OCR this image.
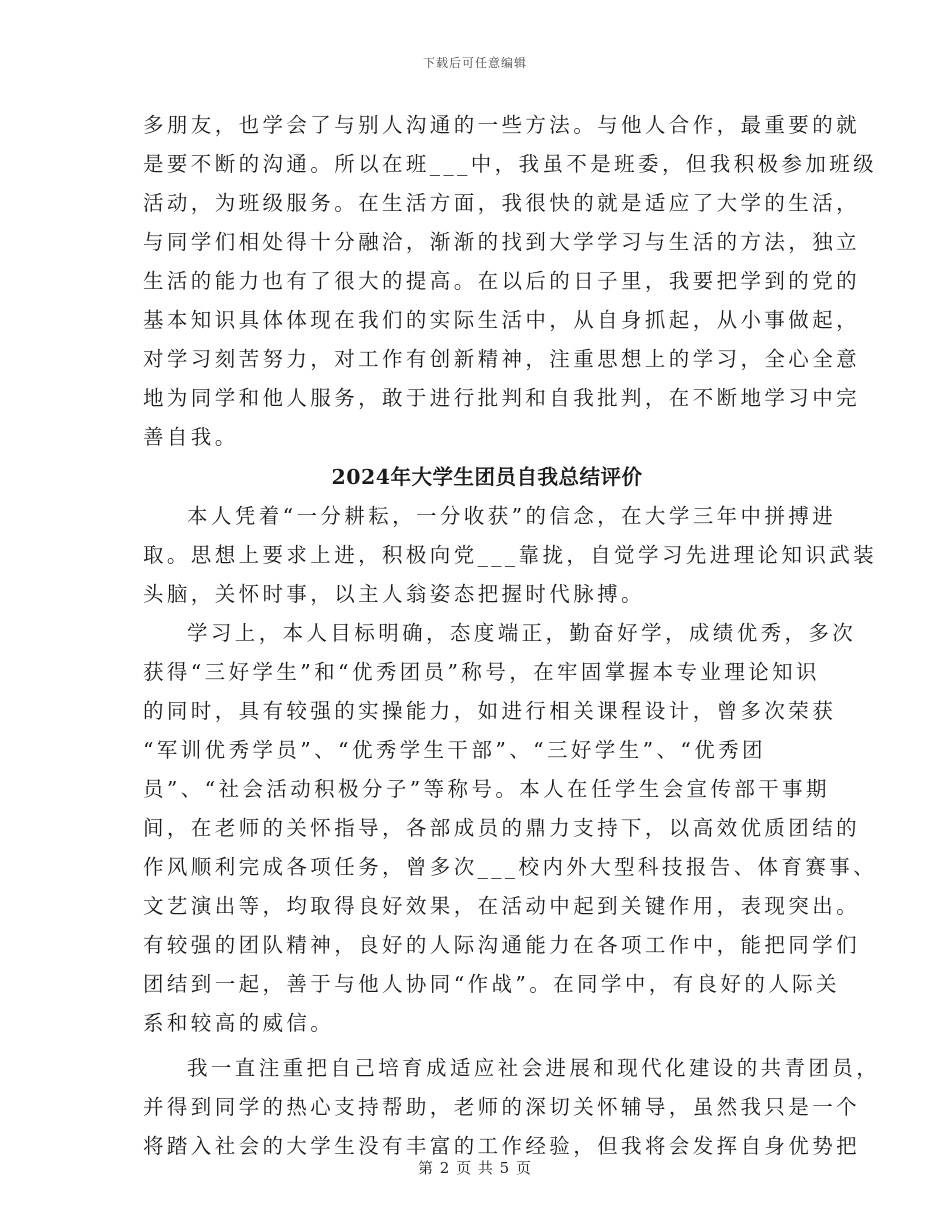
下载后可任意编辑
多朋友，也学会了与别人沟通的一些方法。与他人合作，最重要的就
是要不断的沟通。所以在班___中，我虽不是班委，但我积极参加班级
活动，为班级服务。在生活方面，我很快的就是适应了大学的生活，
与同学们相处得十分融洽，渐渐的找到大学学习与生活的方法，独立
生活的能力也有了很大的提高。在以后的日子里，我要把学到的党的
基本知识具体体现在我们的实际生活中，从自身抓起，从小事做起，
对学习刻苦努力，对工作有创新精神，注重思想上的学习，全心全意
地为同学和他人服务，敢于进行批判和自我批判，在不断地学习中完
善自我。
2024年大学生团员自我总结评价
本人凭着“一分耕耘，一分收获”的信念，在大学三年中拼搏进
取。思想上要求上进，积极向党___靠拢，自觉学习先进理论知识武装
头脑，关怀时事，以主人翁姿态把握时代脉搏。
学习上，本人目标明确，态度端正，勤奋好学，成绩优秀，多次
获得“三好学生”和“优秀团员”称号，在牢固掌握本专业理论知识
的同时，具有较强的实操能力，如进行相关课程设计，曾多次荣获
“军训优秀学员”、“优秀学生干部”、“三好学生”、“优秀团
员”、“社会活动积极分子”等称号。本人在任学生会宣传部干事期
间，在老师的关怀指导，各部成员的鼎力支持下，以高效优质团结的
作风顺利完成各项任务，曾多次___校内外大型科技报告、体育赛事、
文艺演出等，均取得良好效果，在活动中起到关键作用，表现突出。
有较强的团队精神，良好的人际沟通能力在各项工作中，能把同学们
团结到一起，善于与他人协同“作战”。在同学中，有良好的人际关
系和较高的威信。
我一直注重把自己培育成适应社会进展和现代化建设的共青团员，
并得到同学的热心支持帮助，老师的深切关怀辅导，虽然我只是一个
将踏入社会的大学生没有丰富的工作经验，但我将会发挥自身优势把
第 2 页 共 5 页
